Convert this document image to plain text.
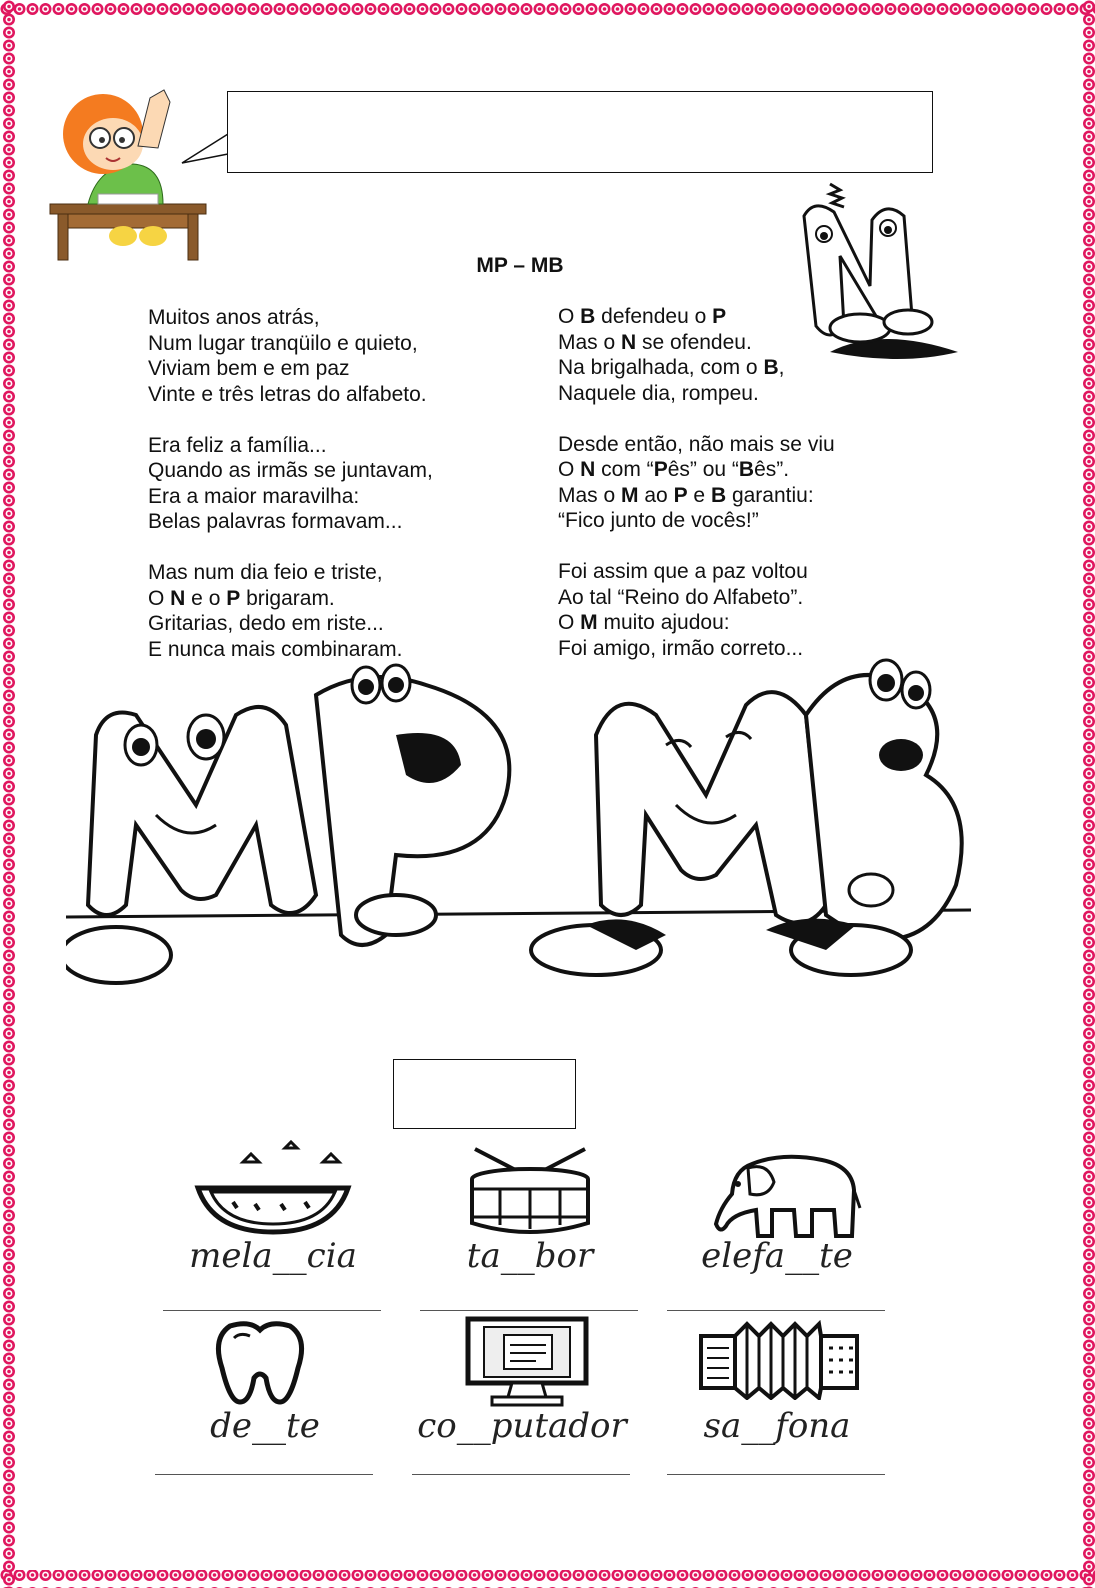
MP – MB
Muitos anos atrás,
Num lugar tranqüilo e quieto,
Viviam bem e em paz
Vinte e três letras do alfabeto.
Era feliz a família...
Quando as irmãs se juntavam,
Era a maior maravilha:
Belas palavras formavam...
Mas num dia feio e triste,
O N e o P brigaram.
Gritarias, dedo em riste...
E nunca mais combinaram.
O B defendeu o P
Mas o N se ofendeu.
Na brigalhada, com o B,
Naquele dia, rompeu.
Desde então, não mais se viu
O N com “Pês” ou “Bês”.
Mas o M ao P e B garantiu:
“Fico junto de vocês!”
Foi assim que a paz voltou
Ao tal “Reino do Alfabeto”.
O M muito ajudou:
Foi amigo, irmão correto...
mela__cia	ta__bor	elefa__te
de__te	co__putador	sa__fona
